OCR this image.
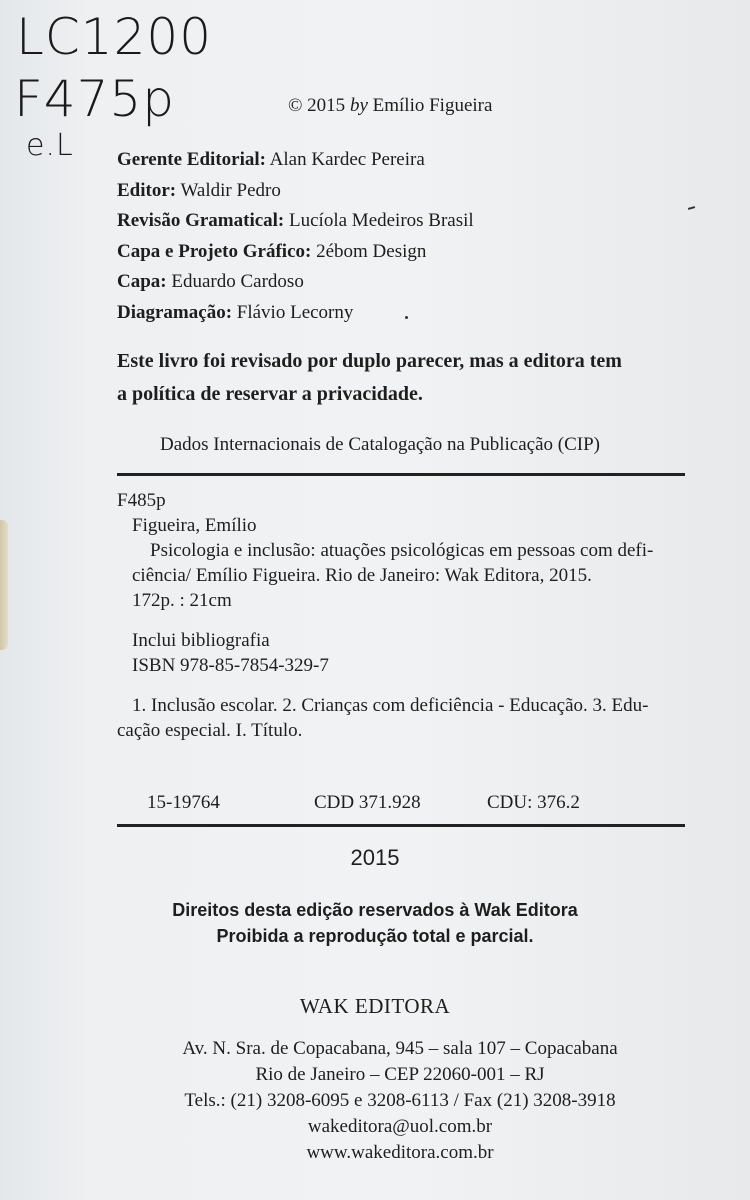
LC1200
F475p
e.L
© 2015 by Emílio Figueira
Gerente Editorial: Alan Kardec Pereira
Editor: Waldir Pedro
Revisão Gramatical: Lucíola Medeiros Brasil
Capa e Projeto Gráfico: 2ébom Design
Capa: Eduardo Cardoso
Diagramação: Flávio Lecorny
Este livro foi revisado por duplo parecer, mas a editora tem
a política de reservar a privacidade.
Dados Internacionais de Catalogação na Publicação (CIP)
F485p
Figueira, Emílio
Psicologia e inclusão: atuações psicológicas em pessoas com defi-
ciência/ Emílio Figueira. Rio de Janeiro: Wak Editora, 2015.
172p. : 21cm
Inclui bibliografia
ISBN 978-85-7854-329-7
1. Inclusão escolar. 2. Crianças com deficiência - Educação. 3. Edu-
cação especial. I. Título.
15-19764	CDD 371.928	CDU: 376.2
2015
Direitos desta edição reservados à Wak Editora
Proibida a reprodução total e parcial.
WAK EDITORA
Av. N. Sra. de Copacabana, 945 – sala 107 – Copacabana
Rio de Janeiro – CEP 22060-001 – RJ
Tels.: (21) 3208-6095 e 3208-6113 / Fax (21) 3208-3918
wakeditora@uol.com.br
www.wakeditora.com.br
